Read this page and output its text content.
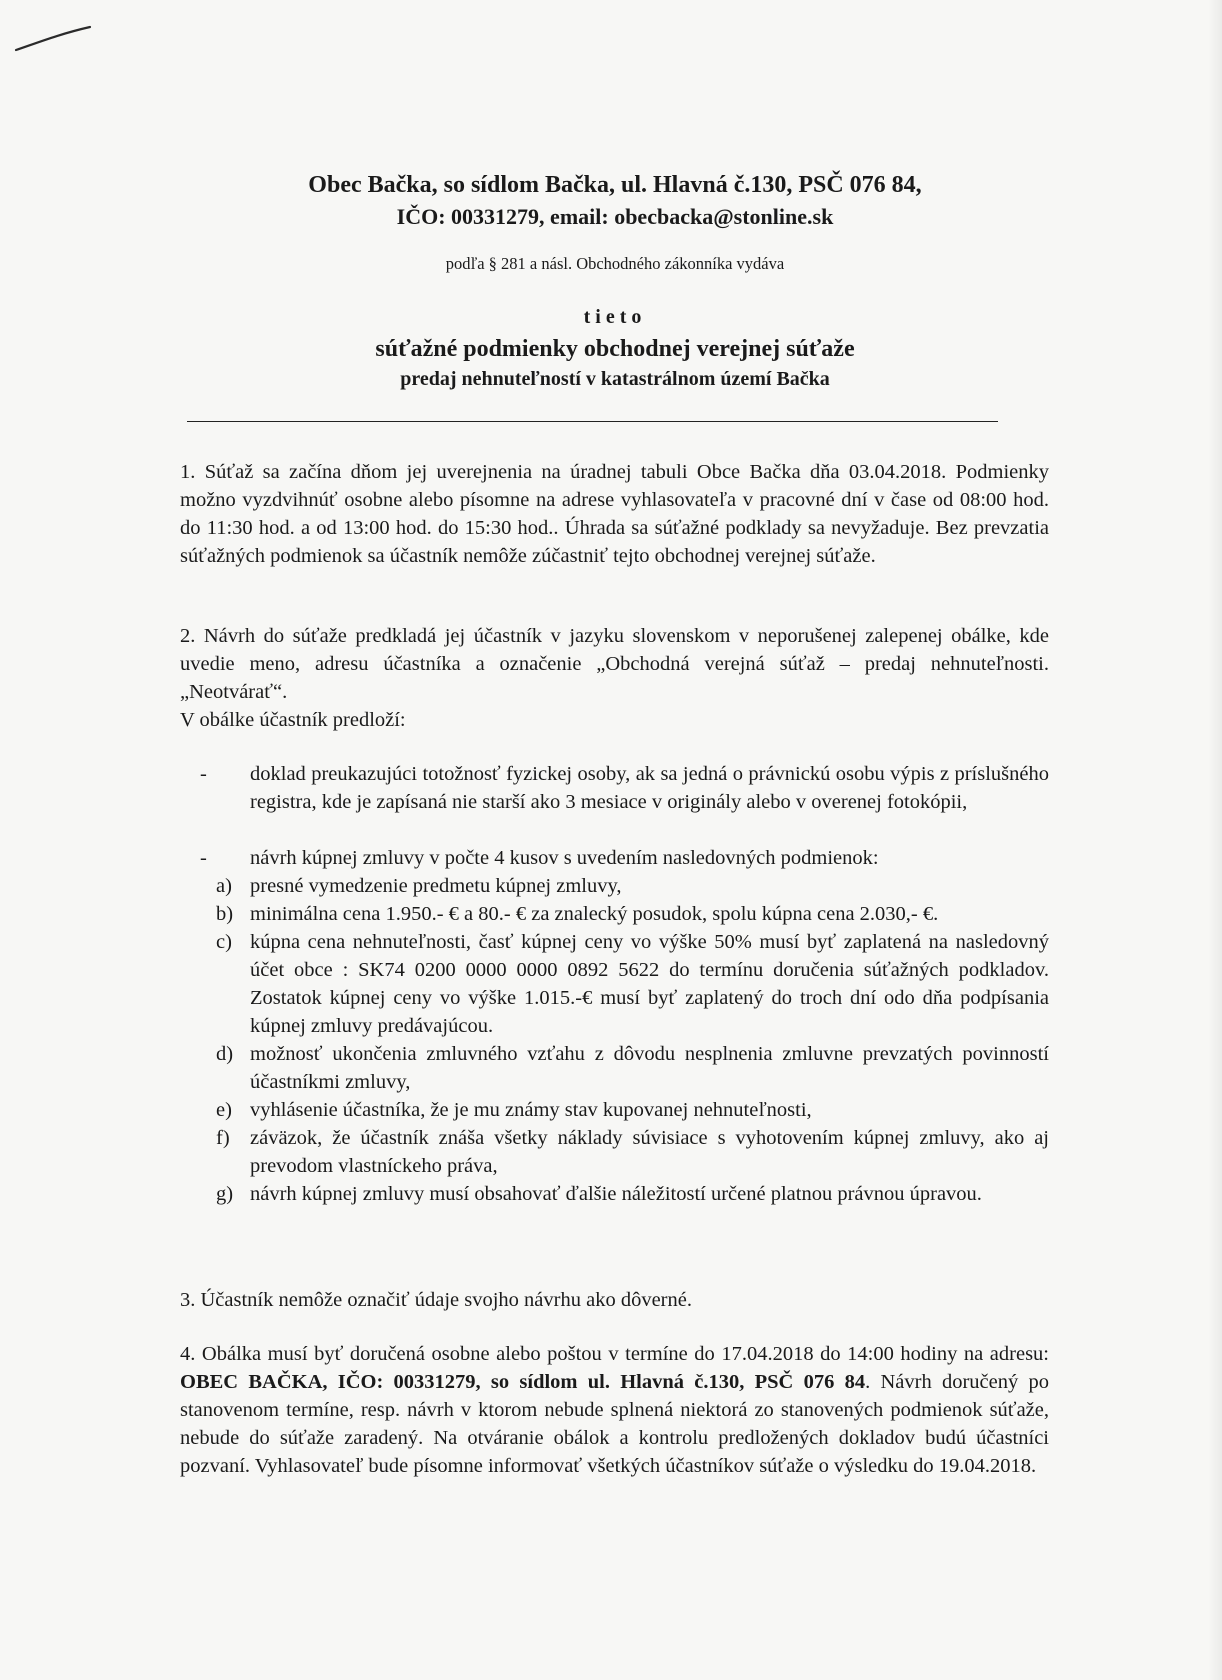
Obec Bačka, so sídlom Bačka, ul. Hlavná č.130, PSČ 076 84,
IČO: 00331279, email: obecbacka@stonline.sk
podľa § 281 a násl. Obchodného zákonníka vydáva
tieto
súťažné podmienky obchodnej verejnej súťaže
predaj nehnuteľností v katastrálnom území Bačka
1. Súťaž sa začína dňom jej uverejnenia na úradnej tabuli Obce Bačka dňa 03.04.2018. Podmienky možno vyzdvihnúť osobne alebo písomne na adrese vyhlasovateľa v pracovné dní v čase od 08:00 hod. do 11:30 hod. a od 13:00 hod. do 15:30 hod.. Úhrada sa súťažné podklady sa nevyžaduje. Bez prevzatia súťažných podmienok sa účastník nemôže zúčastniť tejto obchodnej verejnej súťaže.
2. Návrh do súťaže predkladá jej účastník v jazyku slovenskom v neporušenej zalepenej obálke, kde uvedie meno, adresu účastníka a označenie „Obchodná verejná súťaž – predaj nehnuteľnosti. „Neotvárať“.
V obálke účastník predloží:
- doklad preukazujúci totožnosť fyzickej osoby, ak sa jedná o právnickú osobu výpis z príslušného registra, kde je zapísaná nie starší ako 3 mesiace v originály alebo v overenej fotokópii,
- návrh kúpnej zmluvy v počte 4 kusov s uvedením nasledovných podmienok:
a) presné vymedzenie predmetu kúpnej zmluvy,
b) minimálna cena 1.950.- € a 80.- € za znalecký posudok, spolu kúpna cena 2.030,- €.
c) kúpna cena nehnuteľnosti, časť kúpnej ceny vo výške 50% musí byť zaplatená na nasledovný účet obce : SK74 0200 0000 0000 0892 5622 do termínu doručenia súťažných podkladov. Zostatok kúpnej ceny vo výške 1.015.-€ musí byť zaplatený do troch dní odo dňa podpísania kúpnej zmluvy predávajúcou.
d) možnosť ukončenia zmluvného vzťahu z dôvodu nesplnenia zmluvne prevzatých povinností účastníkmi zmluvy,
e) vyhlásenie účastníka, že je mu známy stav kupovanej nehnuteľnosti,
f) záväzok, že účastník znáša všetky náklady súvisiace s vyhotovením kúpnej zmluvy, ako aj prevodom vlastníckeho práva,
g) návrh kúpnej zmluvy musí obsahovať ďalšie náležitostí určené platnou právnou úpravou.
3. Účastník nemôže označiť údaje svojho návrhu ako dôverné.
4. Obálka musí byť doručená osobne alebo poštou v termíne do 17.04.2018 do 14:00 hodiny na adresu: OBEC BAČKA, IČO: 00331279, so sídlom ul. Hlavná č.130, PSČ 076 84. Návrh doručený po stanovenom termíne, resp. návrh v ktorom nebude splnená niektorá zo stanovených podmienok súťaže, nebude do súťaže zaradený. Na otváranie obálok a kontrolu predložených dokladov budú účastníci pozvaní. Vyhlasovateľ bude písomne informovať všetkých účastníkov súťaže o výsledku do 19.04.2018.
